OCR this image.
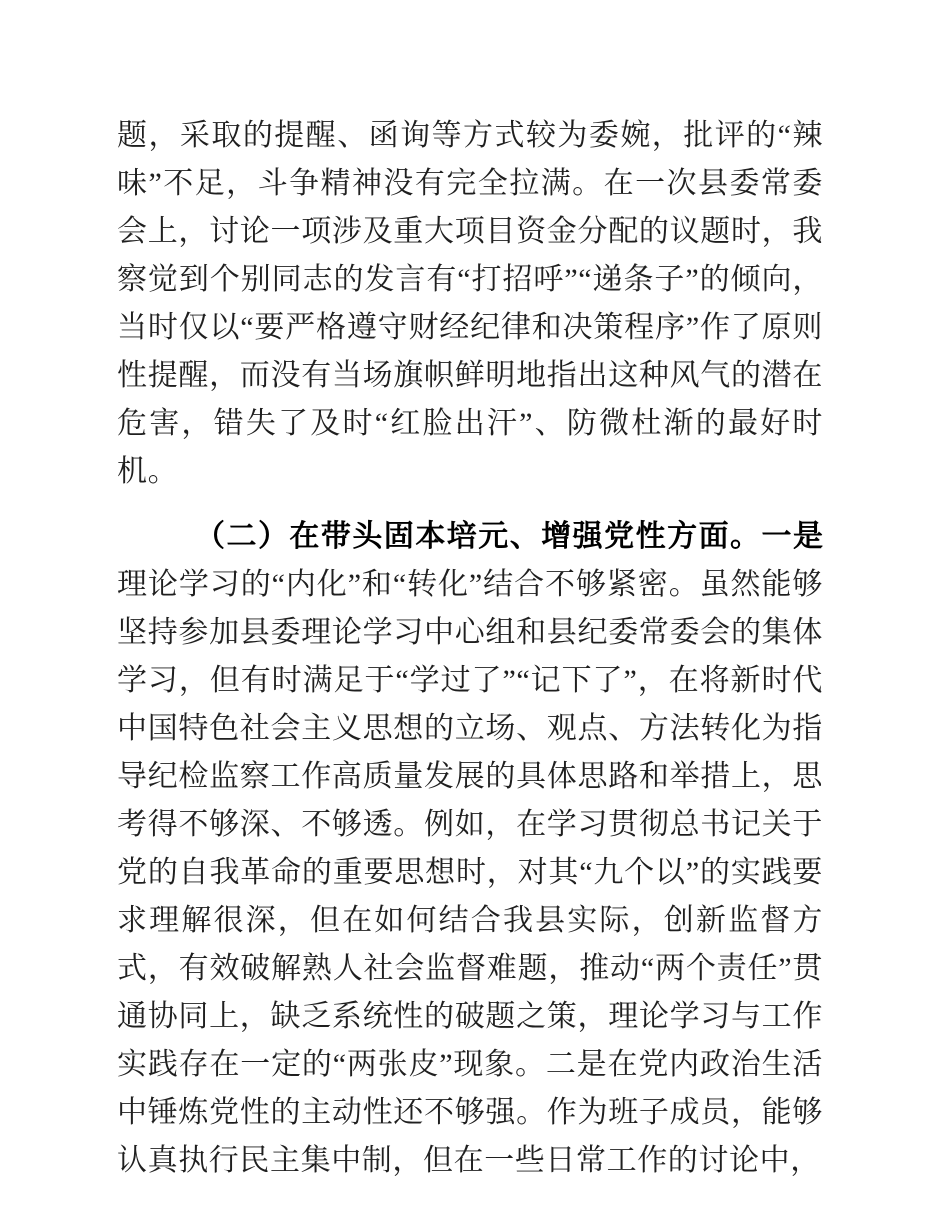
题，采取的提醒、函询等方式较为委婉，批评的“辣味”不足，斗争精神没有完全拉满。在一次县委常委会上，讨论一项涉及重大项目资金分配的议题时，我察觉到个别同志的发言有“打招呼”“递条子”的倾向，当时仅以“要严格遵守财经纪律和决策程序”作了原则性提醒，而没有当场旗帜鲜明地指出这种风气的潜在危害，错失了及时“红脸出汗”、防微杜渐的最好时机。

（二）在带头固本培元、增强党性方面。一是理论学习的“内化”和“转化”结合不够紧密。虽然能够坚持参加县委理论学习中心组和县纪委常委会的集体学习，但有时满足于“学过了”“记下了”，在将新时代中国特色社会主义思想的立场、观点、方法转化为指导纪检监察工作高质量发展的具体思路和举措上，思考得不够深、不够透。例如，在学习贯彻总书记关于党的自我革命的重要思想时，对其“九个以”的实践要求理解很深，但在如何结合我县实际，创新监督方式，有效破解熟人社会监督难题，推动“两个责任”贯通协同上，缺乏系统性的破题之策，理论学习与工作实践存在一定的“两张皮”现象。二是在党内政治生活中锤炼党性的主动性还不够强。作为班子成员，能够认真执行民主集中制，但在一些日常工作的讨论中，
